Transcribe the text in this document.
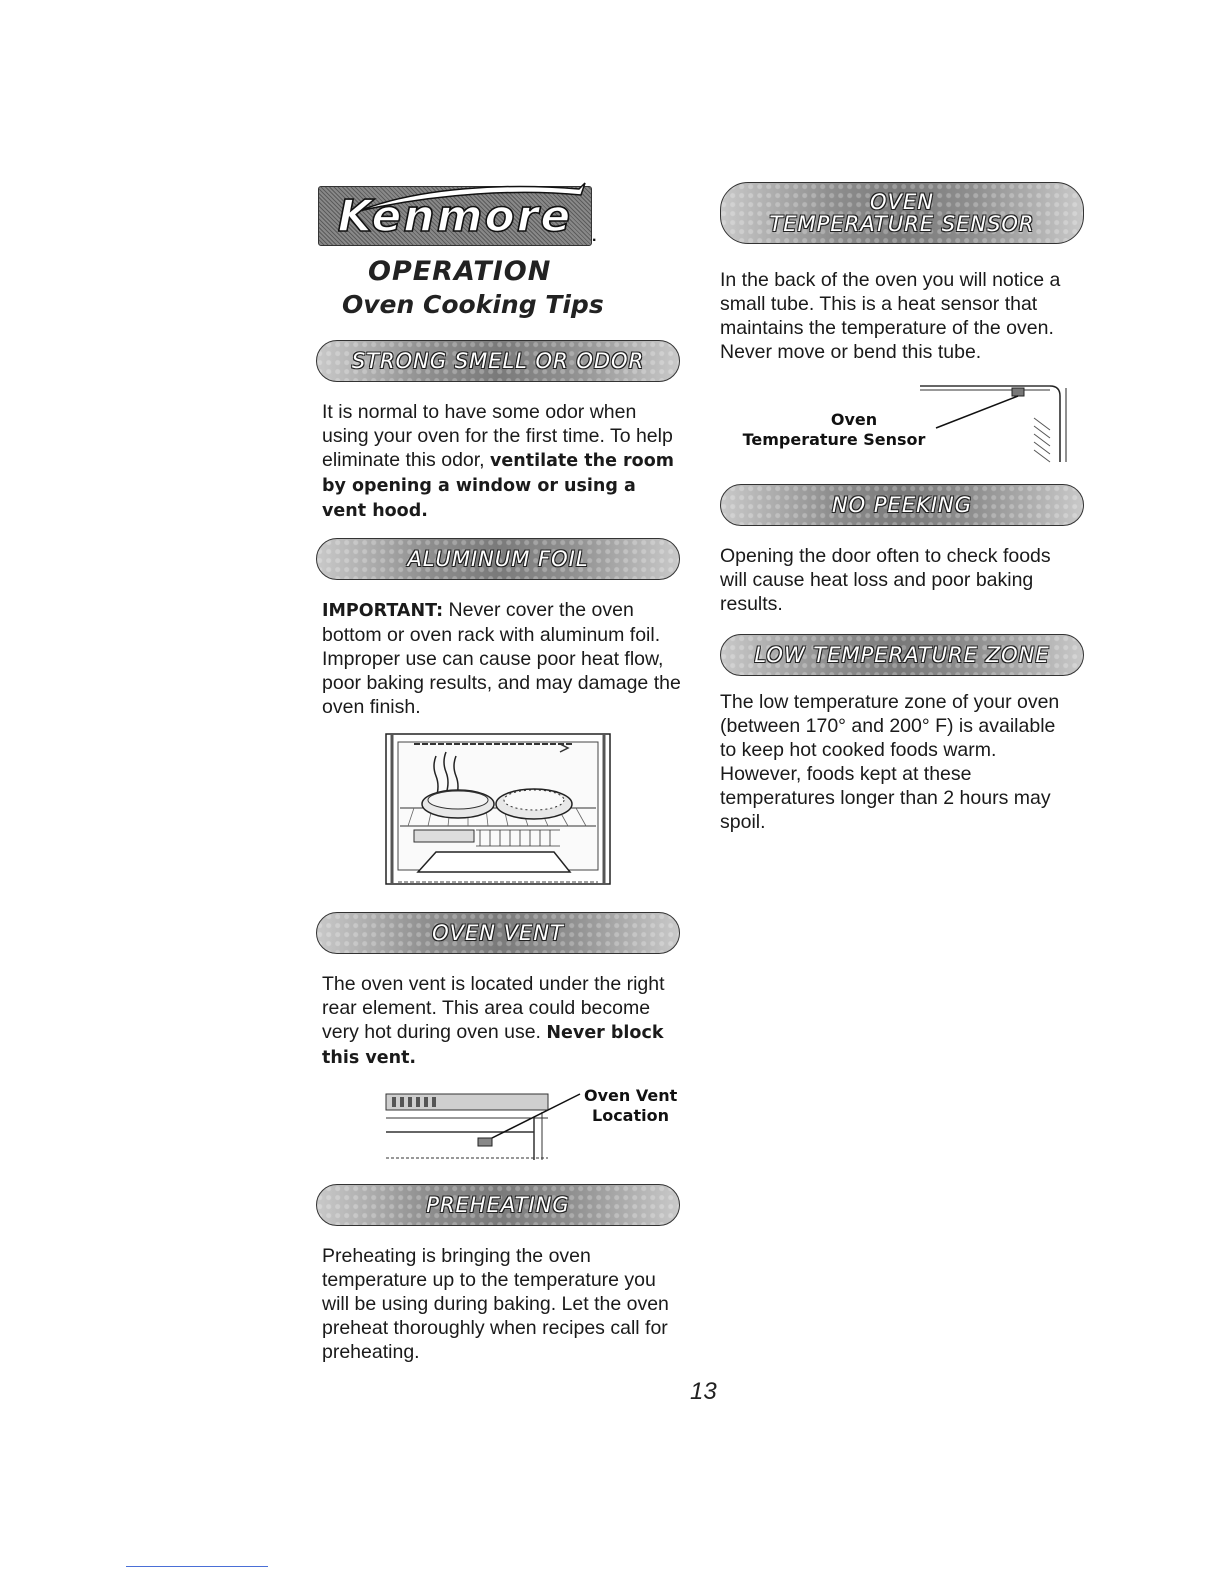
Kenmore	.
OPERATION
Oven Cooking Tips
STRONG SMELL OR ODOR
It is normal to have some odor when using your oven for the first time. To help eliminate this odor, ventilate the room by opening a window or using a vent hood.
ALUMINUM FOIL
IMPORTANT: Never cover the oven bottom or oven rack with aluminum foil. Improper use can cause poor heat flow, poor baking results, and may damage the oven finish.
OVEN VENT
The oven vent is located under the right rear element. This area could become very hot during oven use. Never block this vent.
Oven Vent
Location
PREHEATING
Preheating is bringing the oven temperature up to the temperature you will be using during baking. Let the oven preheat thoroughly when recipes call for preheating.
OVEN
TEMPERATURE SENSOR
In the back of the oven you will notice a small tube. This is a heat sensor that maintains the temperature of the oven. Never move or bend this tube.
Oven
Temperature Sensor
NO PEEKING
Opening the door often to check foods will cause heat loss and poor baking results.
LOW TEMPERATURE ZONE
The low temperature zone of your oven (between 170° and 200° F) is available to keep hot cooked foods warm. However, foods kept at these temperatures longer than 2 hours may spoil.
13
